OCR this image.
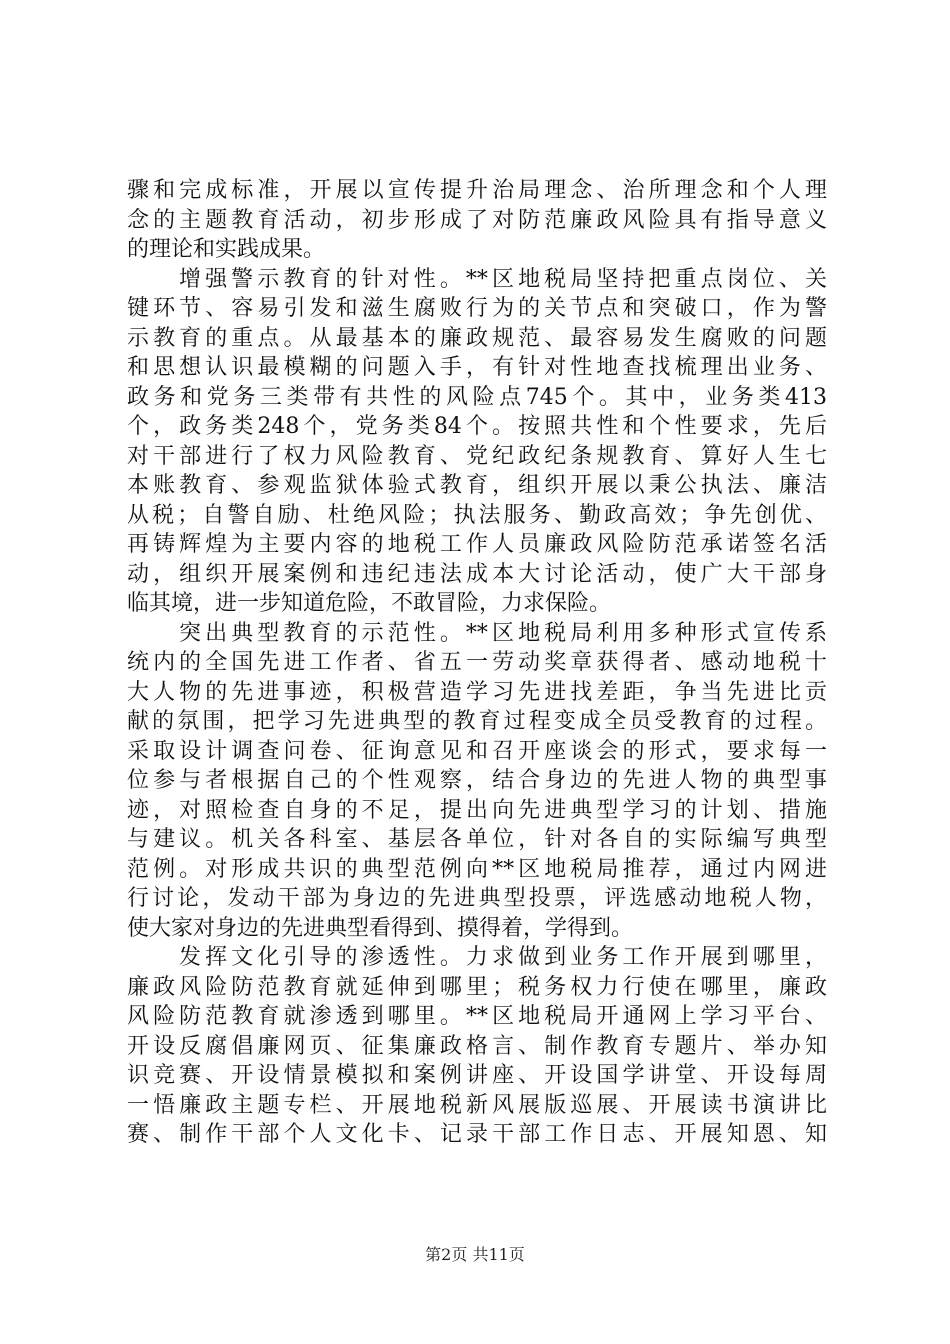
骤和完成标准，开展以宣传提升治局理念、治所理念和个人理
念的主题教育活动，初步形成了对防范廉政风险具有指导意义
的理论和实践成果。
增强警示教育的针对性。**区地税局坚持把重点岗位、关
键环节、容易引发和滋生腐败行为的关节点和突破口，作为警
示教育的重点。从最基本的廉政规范、最容易发生腐败的问题
和思想认识最模糊的问题入手，有针对性地查找梳理出业务、
政务和党务三类带有共性的风险点745个。其中，业务类413
个，政务类248个，党务类84个。按照共性和个性要求，先后
对干部进行了权力风险教育、党纪政纪条规教育、算好人生七
本账教育、参观监狱体验式教育，组织开展以秉公执法、廉洁
从税；自警自励、杜绝风险；执法服务、勤政高效；争先创优、
再铸辉煌为主要内容的地税工作人员廉政风险防范承诺签名活
动，组织开展案例和违纪违法成本大讨论活动，使广大干部身
临其境，进一步知道危险，不敢冒险，力求保险。
突出典型教育的示范性。**区地税局利用多种形式宣传系
统内的全国先进工作者、省五一劳动奖章获得者、感动地税十
大人物的先进事迹，积极营造学习先进找差距，争当先进比贡
献的氛围，把学习先进典型的教育过程变成全员受教育的过程。
采取设计调查问卷、征询意见和召开座谈会的形式，要求每一
位参与者根据自己的个性观察，结合身边的先进人物的典型事
迹，对照检查自身的不足，提出向先进典型学习的计划、措施
与建议。机关各科室、基层各单位，针对各自的实际编写典型
范例。对形成共识的典型范例向**区地税局推荐，通过内网进
行讨论，发动干部为身边的先进典型投票，评选感动地税人物，
使大家对身边的先进典型看得到、摸得着，学得到。
发挥文化引导的渗透性。力求做到业务工作开展到哪里，
廉政风险防范教育就延伸到哪里；税务权力行使在哪里，廉政
风险防范教育就渗透到哪里。**区地税局开通网上学习平台、
开设反腐倡廉网页、征集廉政格言、制作教育专题片、举办知
识竞赛、开设情景模拟和案例讲座、开设国学讲堂、开设每周
一悟廉政主题专栏、开展地税新风展版巡展、开展读书演讲比
赛、制作干部个人文化卡、记录干部工作日志、开展知恩、知
第2页 共11页
